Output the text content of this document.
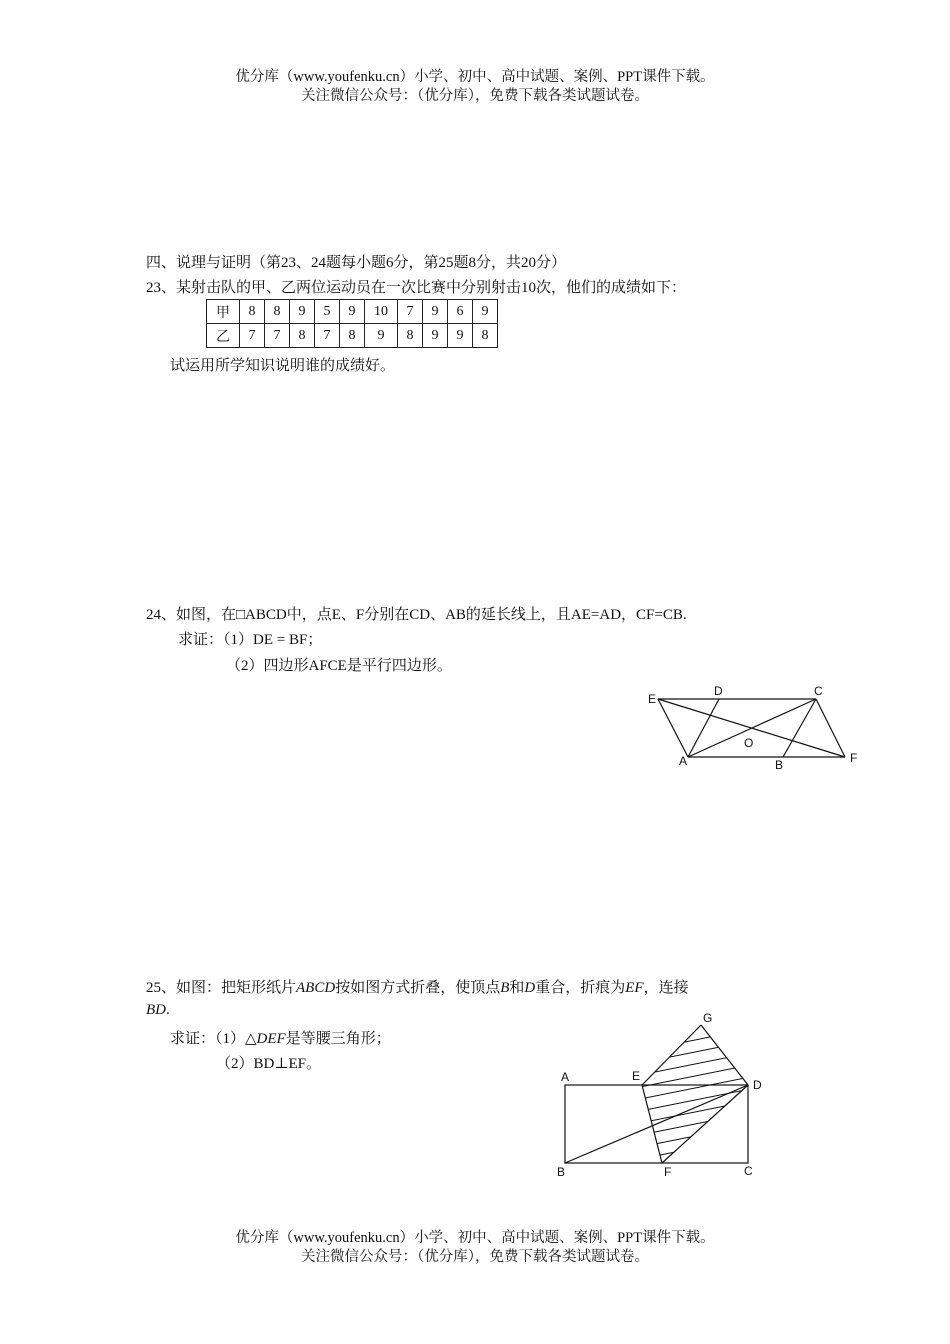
优分库（www.youfenku.cn）小学、初中、高中试题、案例、PPT课件下载。
关注微信公众号：（优分库），免费下载各类试题试卷。
四、说理与证明（第23、24题每小题6分，第25题8分，共20分）
23、某射击队的甲、乙两位运动员在一次比赛中分别射击10次，他们的成绩如下：
甲	8	8	9	5	9	10	7	9	6	9
乙	7	7	8	7	8	9	8	9	9	8
试运用所学知识说明谁的成绩好。
24、如图，在□ABCD中，点E、F分别在CD、AB的延长线上，且AE=AD，CF=CB.
求证：（1）DE = BF；
（2）四边形AFCE是平行四边形。
E
D	C
O
A	B	F
25、如图：把矩形纸片ABCD按如图方式折叠，使顶点B和D重合，折痕为EF，连接
BD.
求证：（1）△DEF是等腰三角形；
（2）BD⊥EF。
G
A	E
D
B	F	C
优分库（www.youfenku.cn）小学、初中、高中试题、案例、PPT课件下载。
关注微信公众号：（优分库），免费下载各类试题试卷。
